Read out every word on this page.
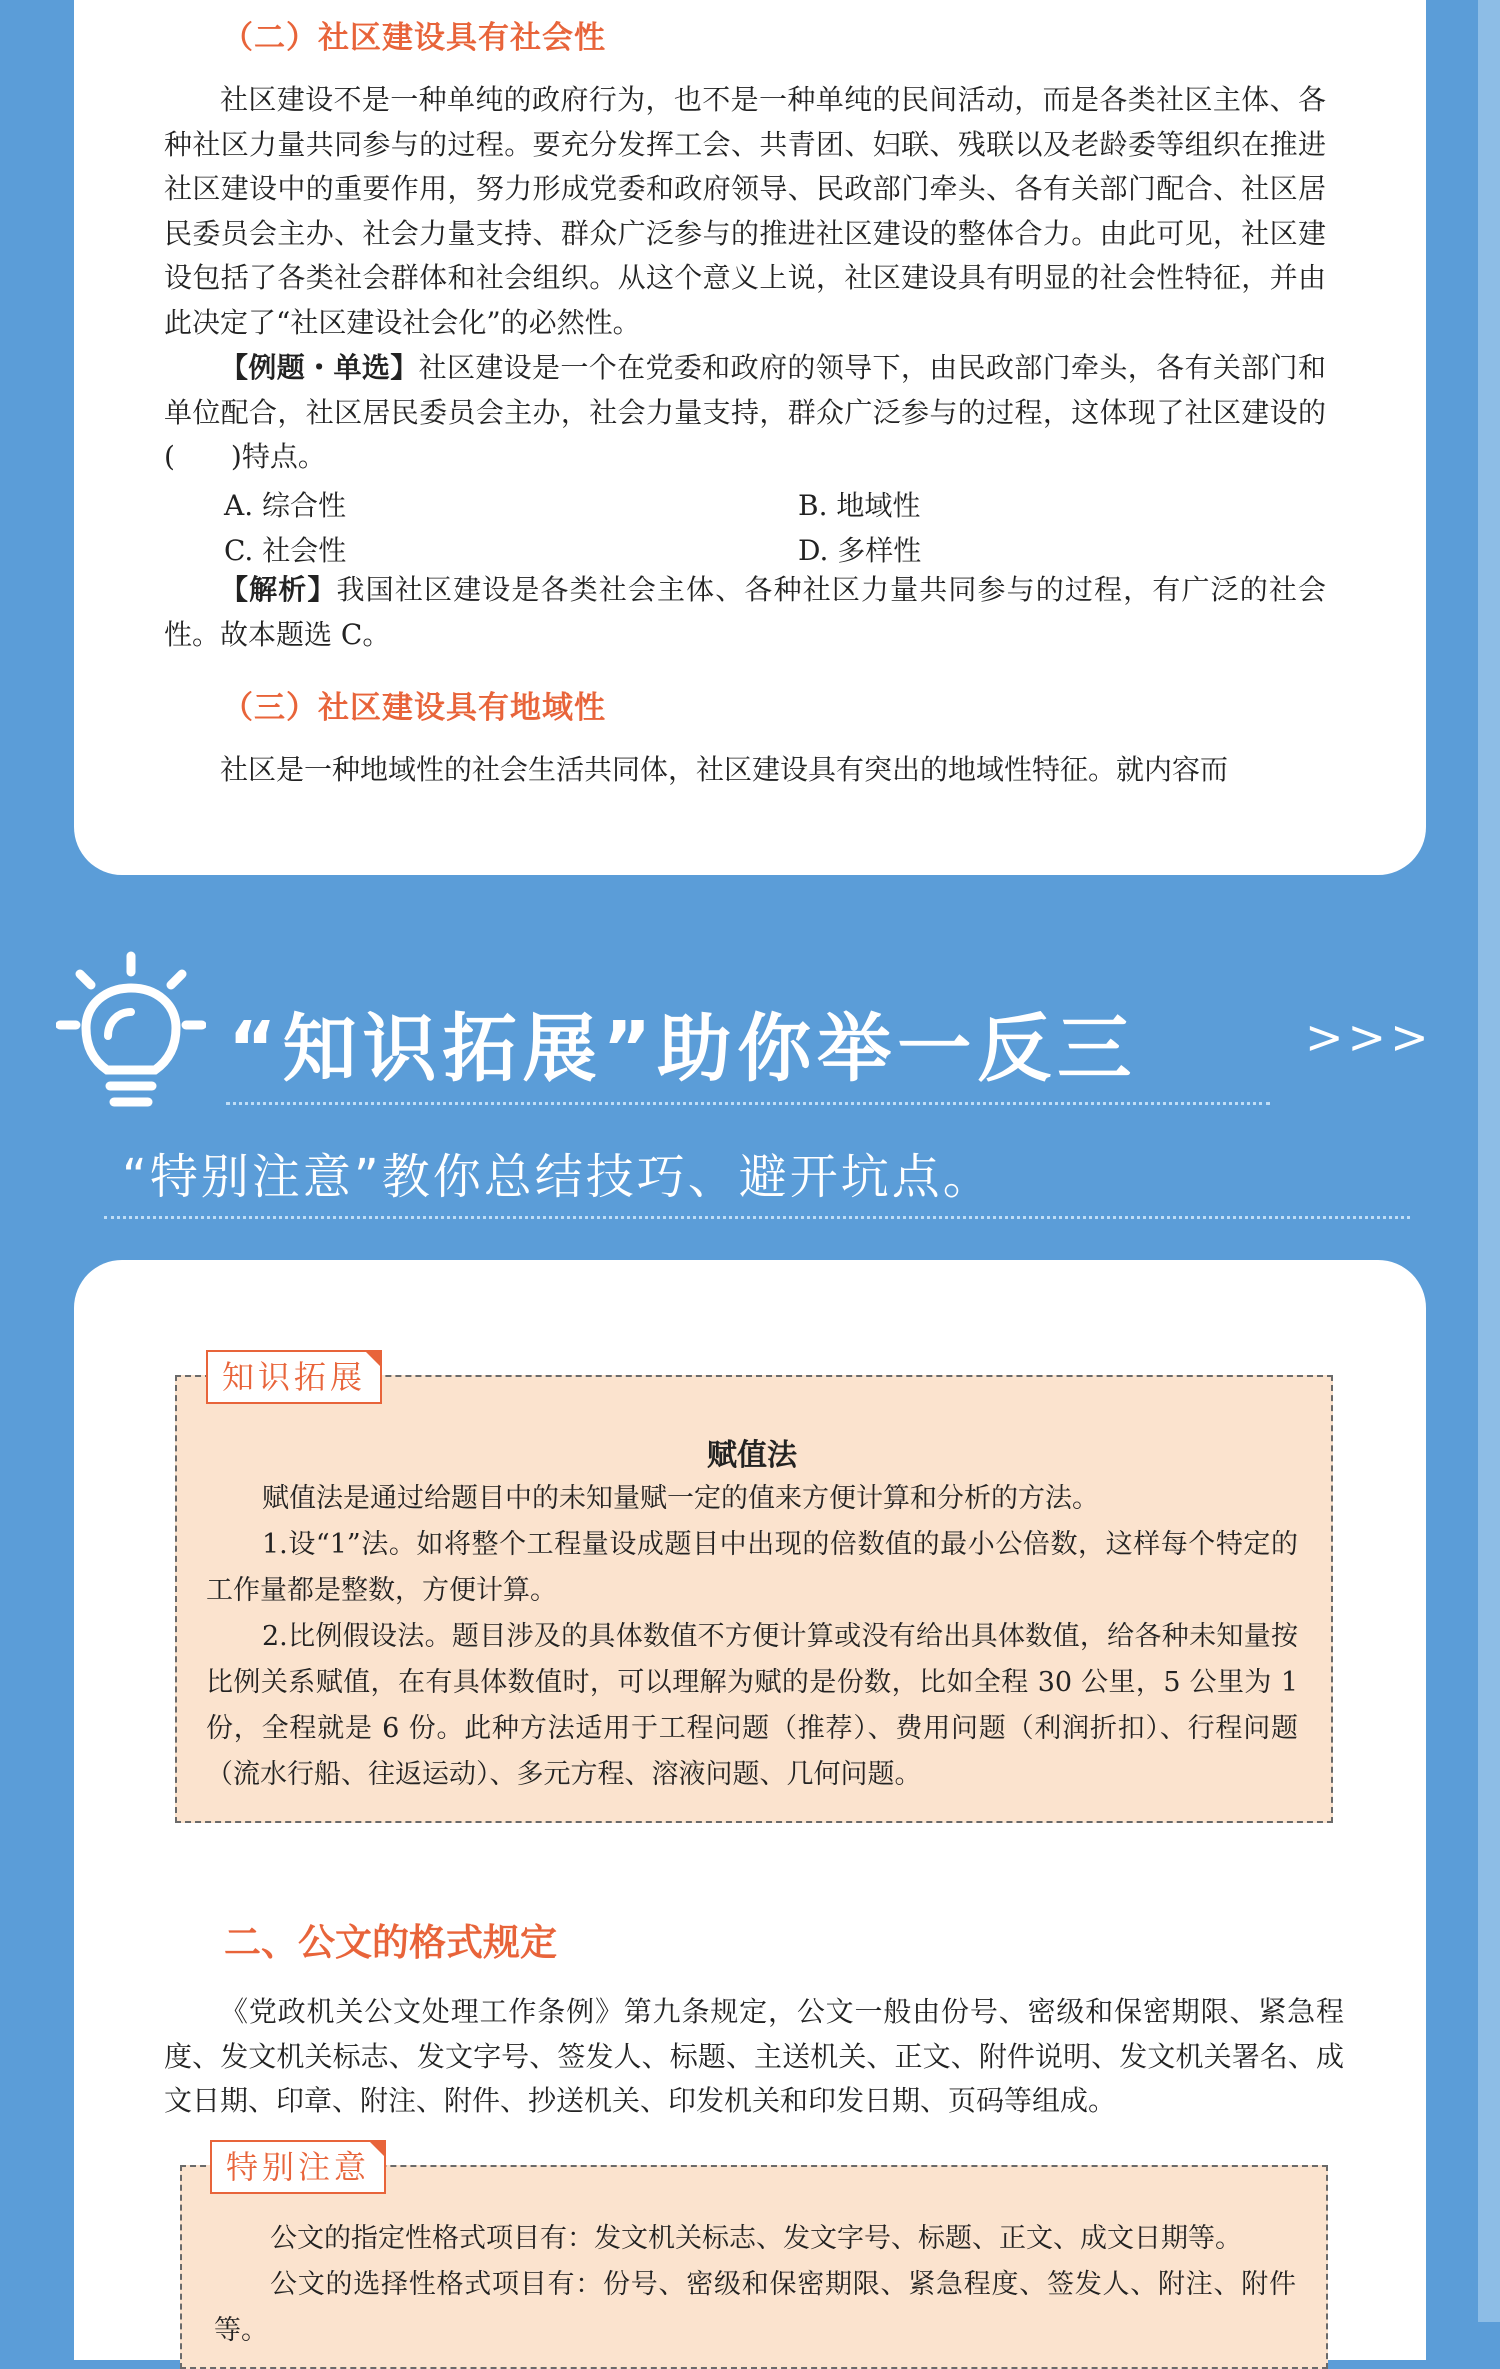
（二）社区建设具有社会性
社区建设不是一种单纯的政府行为，也不是一种单纯的民间活动，而是各类社区主体、各种社区力量共同参与的过程。要充分发挥工会、共青团、妇联、残联以及老龄委等组织在推进社区建设中的重要作用，努力形成党委和政府领导、民政部门牵头、各有关部门配合、社区居民委员会主办、社会力量支持、群众广泛参与的推进社区建设的整体合力。由此可见，社区建设包括了各类社会群体和社会组织。从这个意义上说，社区建设具有明显的社会性特征，并由此决定了“社区建设社会化”的必然性。
【例题・单选】社区建设是一个在党委和政府的领导下，由民政部门牵头，各有关部门和单位配合，社区居民委员会主办，社会力量支持，群众广泛参与的过程，这体现了社区建设的(　　)特点。
A. 综合性	B. 地域性
C. 社会性	D. 多样性
【解析】我国社区建设是各类社会主体、各种社区力量共同参与的过程，有广泛的社会性。故本题选 C。
（三）社区建设具有地域性
社区是一种地域性的社会生活共同体，社区建设具有突出的地域性特征。就内容而
“知识拓展”助你举一反三	>>>
“特别注意”教你总结技巧、避开坑点。
知识拓展
赋值法
赋值法是通过给题目中的未知量赋一定的值来方便计算和分析的方法。
1.设“1”法。如将整个工程量设成题目中出现的倍数值的最小公倍数，这样每个特定的工作量都是整数，方便计算。
2.比例假设法。题目涉及的具体数值不方便计算或没有给出具体数值，给各种未知量按比例关系赋值，在有具体数值时，可以理解为赋的是份数，比如全程 30 公里，5 公里为 1 份，全程就是 6 份。此种方法适用于工程问题（推荐）、费用问题（利润折扣）、行程问题（流水行船、往返运动）、多元方程、溶液问题、几何问题。
二、公文的格式规定
《党政机关公文处理工作条例》第九条规定，公文一般由份号、密级和保密期限、紧急程度、发文机关标志、发文字号、签发人、标题、主送机关、正文、附件说明、发文机关署名、成文日期、印章、附注、附件、抄送机关、印发机关和印发日期、页码等组成。
特别注意
公文的指定性格式项目有：发文机关标志、发文字号、标题、正文、成文日期等。
公文的选择性格式项目有：份号、密级和保密期限、紧急程度、签发人、附注、附件等。
